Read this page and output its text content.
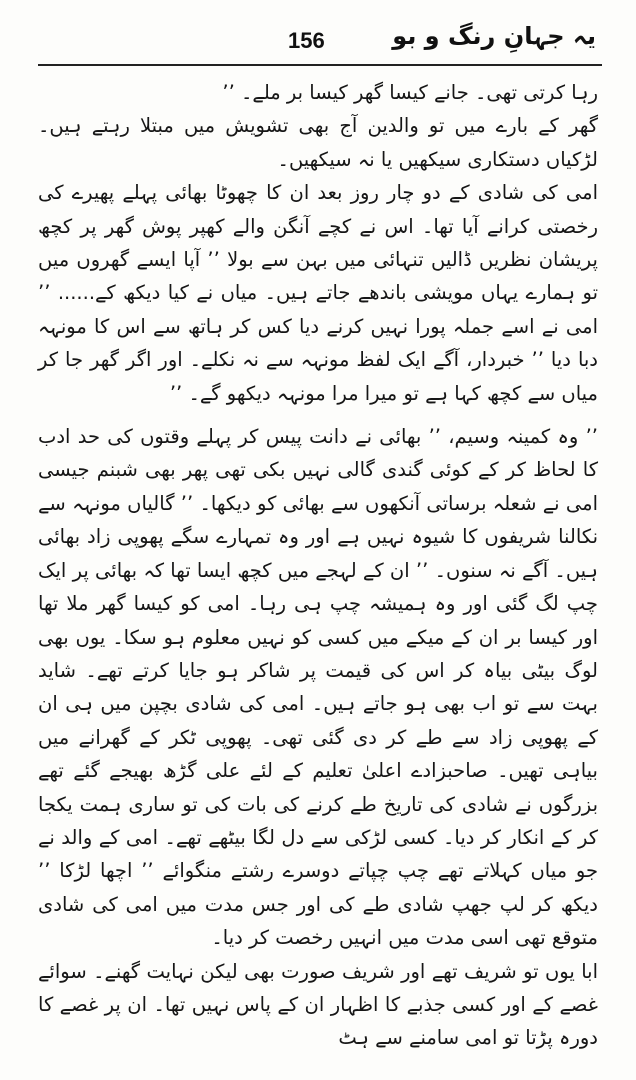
156	یہ جہانِ رنگ و بو

رہا کرتی تھی۔ جانے کیسا گھر کیسا بر ملے۔ ’’

گھر کے بارے میں تو والدین آج بھی تشویش میں مبتلا رہتے ہیں۔ لڑکیاں دستکاری سیکھیں یا نہ سیکھیں۔

امی کی شادی کے دو چار روز بعد ان کا چھوٹا بھائی پہلے پھیرے کی رخصتی کرانے آیا تھا۔ اس نے کچے آنگن والے کھپر پوش گھر پر کچھ پریشان نظریں ڈالیں تنہائی میں بہن سے بولا ’’ آپا ایسے گھروں میں تو ہمارے یہاں مویشی باندھے جاتے ہیں۔ میاں نے کیا دیکھ کے...... ’’ امی نے اسے جملہ پورا نہیں کرنے دیا کس کر ہاتھ سے اس کا مونہہ دبا دیا ’’ خبردار، آگے ایک لفظ مونہہ سے نہ نکلے۔ اور اگر گھر جا کر میاں سے کچھ کہا ہے تو میرا مرا مونہہ دیکھو گے۔ ’’

’’ وہ کمینہ وسیم، ’’ بھائی نے دانت پیس کر پہلے وقتوں کی حد ادب کا لحاظ کر کے کوئی گندی گالی نہیں بکی تھی پھر بھی شبنم جیسی امی نے شعلہ برساتی آنکھوں سے بھائی کو دیکھا۔ ’’ گالیاں مونہہ سے نکالنا شریفوں کا شیوہ نہیں ہے اور وہ تمہارے سگے پھوپی زاد بھائی ہیں۔ آگے نہ سنوں۔ ’’ ان کے لہجے میں کچھ ایسا تھا کہ بھائی پر ایک چپ لگ گئی اور وہ ہمیشہ چپ ہی رہا۔ امی کو کیسا گھر ملا تھا اور کیسا بر ان کے میکے میں کسی کو نہیں معلوم ہو سکا۔ یوں بھی لوگ بیٹی بیاہ کر اس کی قیمت پر شاکر ہو جایا کرتے تھے۔ شاید بہت سے تو اب بھی ہو جاتے ہیں۔ امی کی شادی بچپن میں ہی ان کے پھوپی زاد سے طے کر دی گئی تھی۔ پھوپی ٹکر کے گھرانے میں بیاہی تھیں۔ صاحبزادے اعلیٰ تعلیم کے لئے علی گڑھ بھیجے گئے تھے بزرگوں نے شادی کی تاریخ طے کرنے کی بات کی تو ساری ہمت یکجا کر کے انکار کر دیا۔ کسی لڑکی سے دل لگا بیٹھے تھے۔ امی کے والد نے جو میاں کہلاتے تھے چپ چپاتے دوسرے رشتے منگوائے ’’ اچھا لڑکا ’’ دیکھ کر لپ جھپ شادی طے کی اور جس مدت میں امی کی شادی متوقع تھی اسی مدت میں انہیں رخصت کر دیا۔

ابا یوں تو شریف تھے اور شریف صورت بھی لیکن نہایت گھنے۔ سوائے غصے کے اور کسی جذبے کا اظہار ان کے پاس نہیں تھا۔ ان پر غصے کا دورہ پڑتا تو امی سامنے سے ہٹ
